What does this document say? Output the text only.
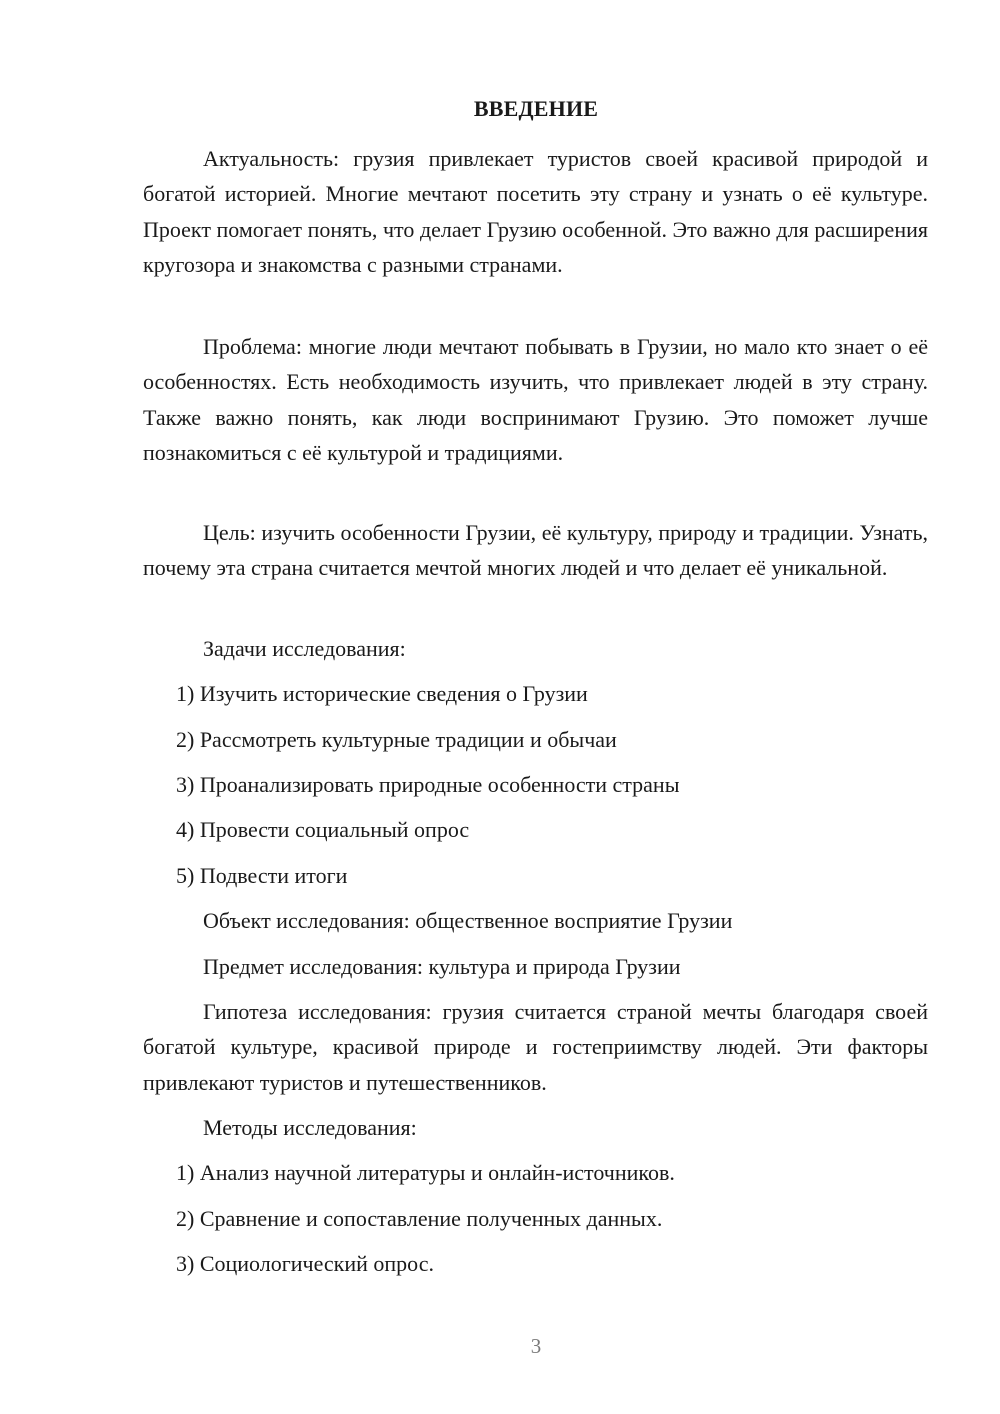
ВВЕДЕНИЕ
Актуальность: грузия привлекает туристов своей красивой природой и богатой историей. Многие мечтают посетить эту страну и узнать о её культуре. Проект помогает понять, что делает Грузию особенной. Это важно для расширения кругозора и знакомства с разными странами.
Проблема: многие люди мечтают побывать в Грузии, но мало кто знает о её особенностях. Есть необходимость изучить, что привлекает людей в эту страну. Также важно понять, как люди воспринимают Грузию. Это поможет лучше познакомиться с её культурой и традициями.
Цель: изучить особенности Грузии, её культуру, природу и традиции. Узнать, почему эта страна считается мечтой многих людей и что делает её уникальной.
Задачи исследования:
1) Изучить исторические сведения о Грузии
2) Рассмотреть культурные традиции и обычаи
3) Проанализировать природные особенности страны
4) Провести социальный опрос
5) Подвести итоги
Объект исследования: общественное восприятие Грузии
Предмет исследования: культура и природа Грузии
Гипотеза исследования: грузия считается страной мечты благодаря своей богатой культуре, красивой природе и гостеприимству людей. Эти факторы привлекают туристов и путешественников.
Методы исследования:
1) Анализ научной литературы и онлайн-источников.
2) Сравнение и сопоставление полученных данных.
3) Социологический опрос.
3
